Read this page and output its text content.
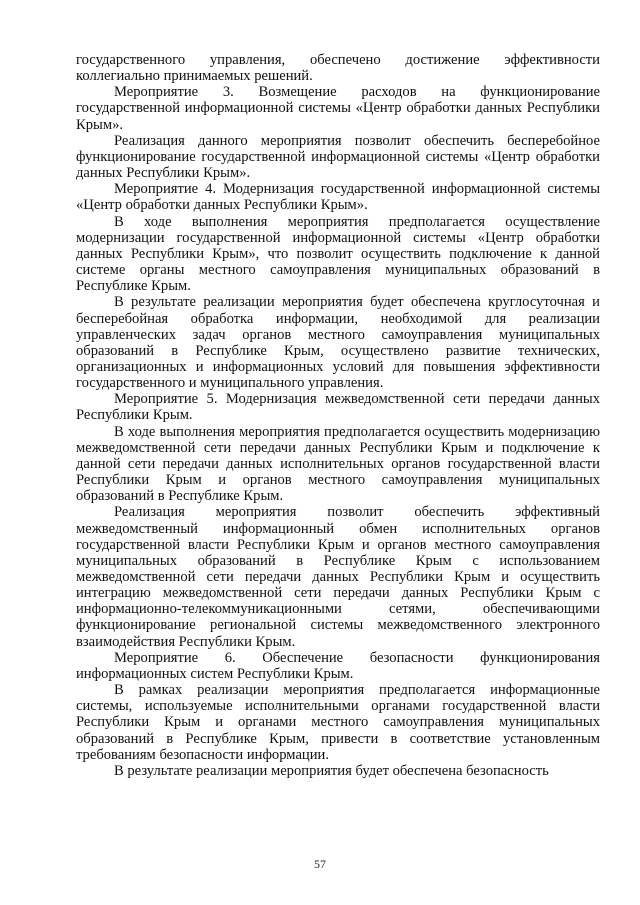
государственного управления, обеспечено достижение эффективности коллегиально принимаемых решений.

Мероприятие 3. Возмещение расходов на функционирование государственной информационной системы «Центр обработки данных Республики Крым».

Реализация данного мероприятия позволит обеспечить бесперебойное функционирование государственной информационной системы «Центр обработки данных Республики Крым».

Мероприятие 4. Модернизация государственной информационной системы «Центр обработки данных Республики Крым».

В ходе выполнения мероприятия предполагается осуществление модернизации государственной информационной системы «Центр обработки данных Республики Крым», что позволит осуществить подключение к данной системе органы местного самоуправления муниципальных образований в Республике Крым.

В результате реализации мероприятия будет обеспечена круглосуточная и бесперебойная обработка информации, необходимой для реализации управленческих задач органов местного самоуправления муниципальных образований в Республике Крым, осуществлено развитие технических, организационных и информационных условий для повышения эффективности государственного и муниципального управления.

Мероприятие 5. Модернизация межведомственной сети передачи данных Республики Крым.

В ходе выполнения мероприятия предполагается осуществить модернизацию межведомственной сети передачи данных Республики Крым и подключение к данной сети передачи данных исполнительных органов государственной власти Республики Крым и органов местного самоуправления муниципальных образований в Республике Крым.

Реализация мероприятия позволит обеспечить эффективный межведомственный информационный обмен исполнительных органов государственной власти Республики Крым и органов местного самоуправления муниципальных образований в Республике Крым с использованием межведомственной сети передачи данных Республики Крым и осуществить интеграцию межведомственной сети передачи данных Республики Крым с информационно-телекоммуникационными сетями, обеспечивающими функционирование региональной системы межведомственного электронного взаимодействия Республики Крым.

Мероприятие 6. Обеспечение безопасности функционирования информационных систем Республики Крым.

В рамках реализации мероприятия предполагается информационные системы, используемые исполнительными органами государственной власти Республики Крым и органами местного самоуправления муниципальных образований в Республике Крым, привести в соответствие установленным требованиям безопасности информации.

В результате реализации мероприятия будет обеспечена безопасность

57
